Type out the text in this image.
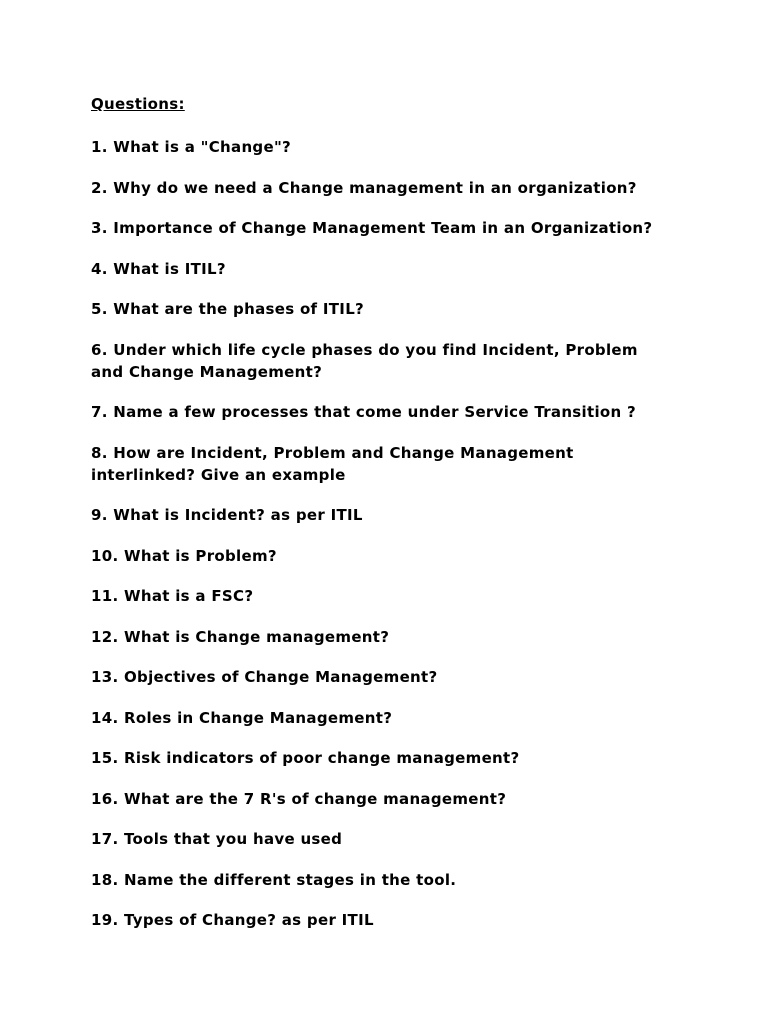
Questions:
1. What is a "Change"?
2. Why do we need a Change management in an organization?
3. Importance of Change Management Team in an Organization?
4. What is ITIL?
5. What are the phases of ITIL?
6. Under which life cycle phases do you find Incident, Problem and Change Management?
7. Name a few processes that come under Service Transition ?
8. How are Incident, Problem and Change Management interlinked? Give an example
9. What is Incident? as per ITIL
10. What is Problem?
11. What is a FSC?
12. What is Change management?
13. Objectives of Change Management?
14. Roles in Change Management?
15. Risk indicators of poor change management?
16. What are the 7 R's of change management?
17. Tools that you have used
18. Name the different stages in the tool.
19. Types of Change? as per ITIL
